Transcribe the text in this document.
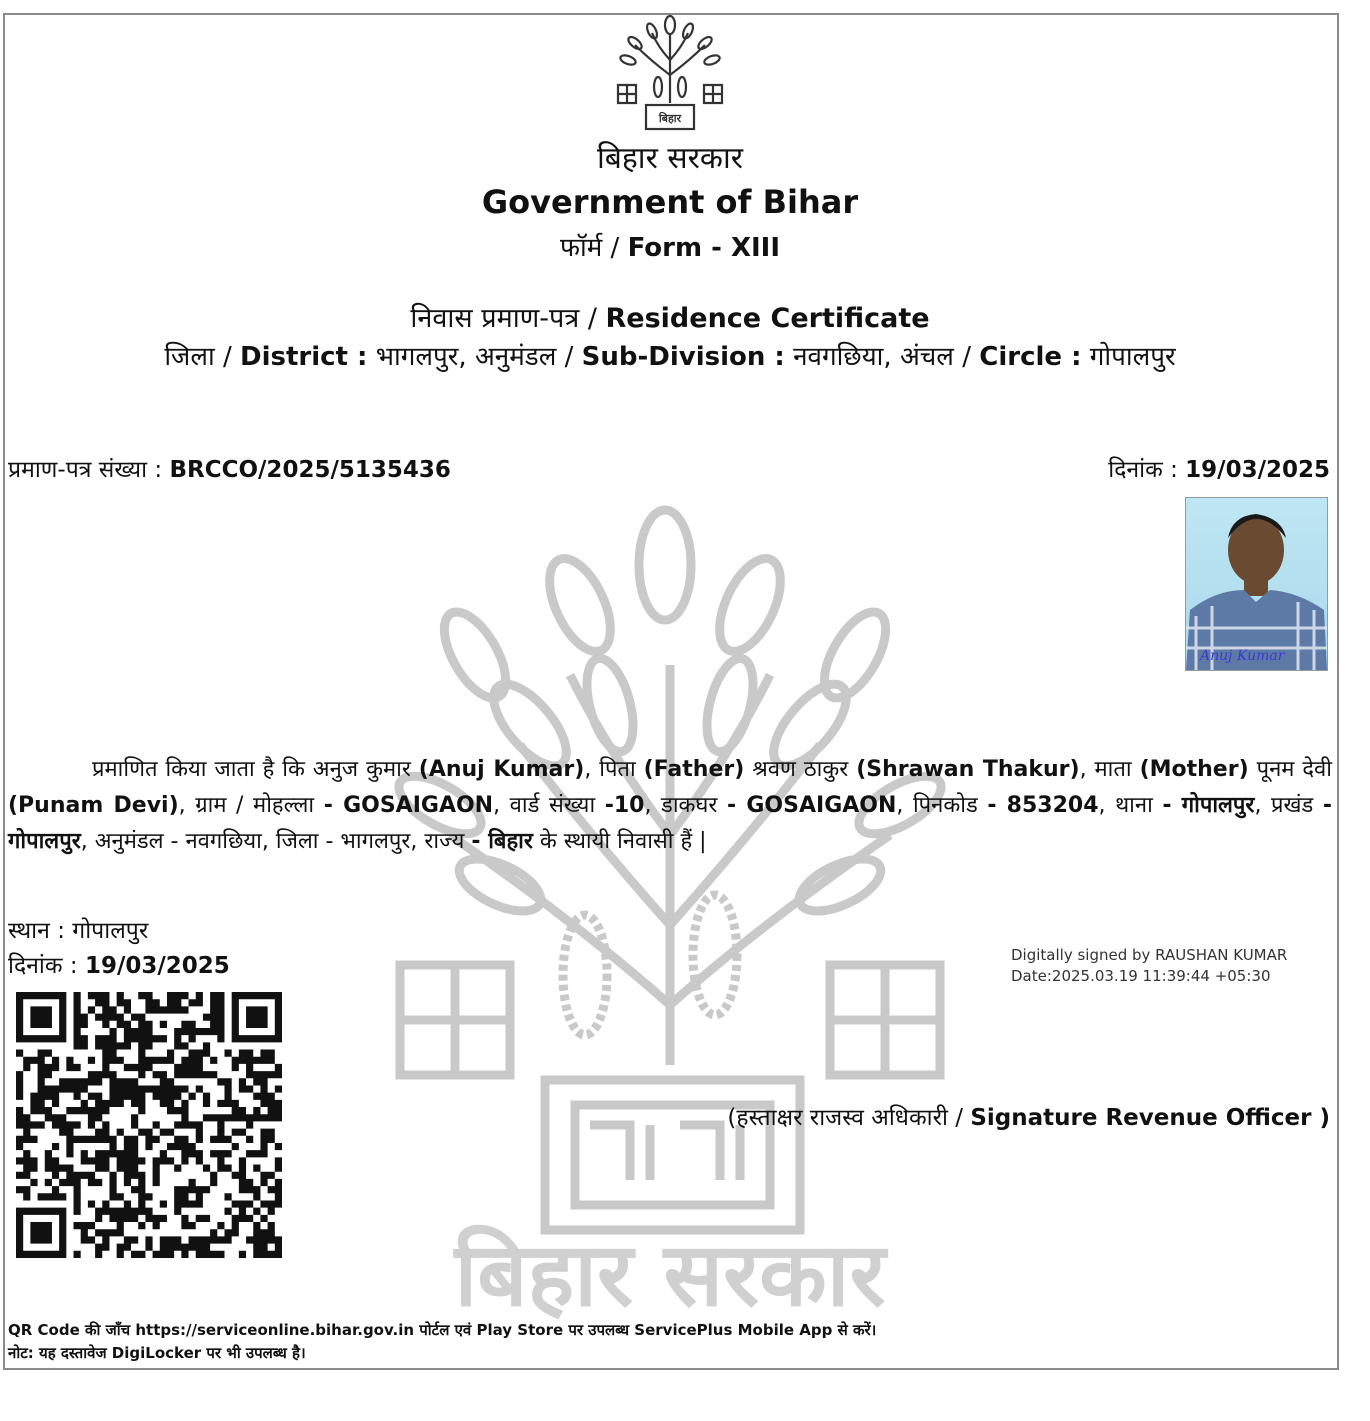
बिहार सरकार
बिहार
बिहार सरकार
Government of Bihar
फॉर्म / Form - XIII
निवास प्रमाण-पत्र / Residence Certificate
जिला / District : भागलपुर, अनुमंडल / Sub-Division : नवगछिया, अंचल / Circle : गोपालपुर
प्रमाण-पत्र संख्या : BRCCO/2025/5135436	दिनांक : 19/03/2025
Anuj Kumar
प्रमाणित किया जाता है कि अनुज कुमार (Anuj Kumar), पिता (Father) श्रवण ठाकुर (Shrawan Thakur), माता (Mother) पूनम देवी (Punam Devi), ग्राम / मोहल्ला - GOSAIGAON, वार्ड संख्या -10, डाकघर - GOSAIGAON, पिनकोड - 853204, थाना - गोपालपुर, प्रखंड - गोपालपुर, अनुमंडल - नवगछिया, जिला - भागलपुर, राज्य - बिहार के स्थायी निवासी हैं |
स्थान : गोपालपुर
दिनांक : 19/03/2025	Digitally signed by RAUSHAN KUMAR
Date:2025.03.19 11:39:44 +05:30
(हस्ताक्षर राजस्व अधिकारी / Signature Revenue Officer )
QR Code की जाँच https://serviceonline.bihar.gov.in पोर्टल एवं Play Store पर उपलब्ध ServicePlus Mobile App से करें।
नोट: यह दस्तावेज DigiLocker पर भी उपलब्ध है।
